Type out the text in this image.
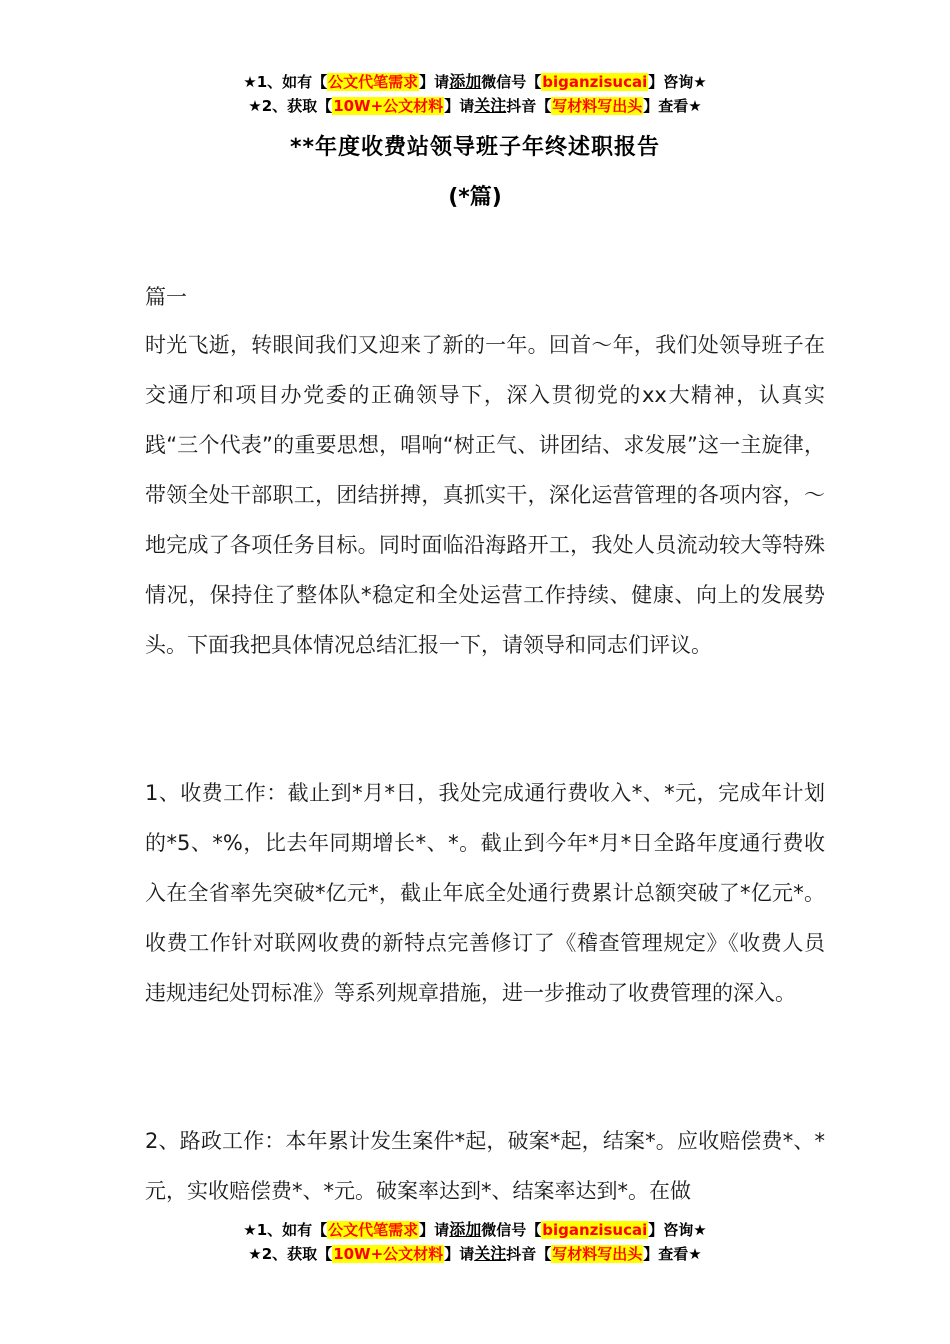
★1、如有【公文代笔需求】请添加微信号【biganzisucai】咨询★
★2、获取【10W+公文材料】请关注抖音【写材料写出头】查看★
**年度收费站领导班子年终述职报告
(*篇)

篇一

时光飞逝，转眼间我们又迎来了新的一年。回首～年，我们处领导班子在交通厅和项目办党委的正确领导下，深入贯彻党的xx大精神，认真实践“三个代表”的重要思想，唱响“树正气、讲团结、求发展”这一主旋律，带领全处干部职工，团结拼搏，真抓实干，深化运营管理的各项内容，～地完成了各项任务目标。同时面临沿海路开工，我处人员流动较大等特殊情况，保持住了整体队*稳定和全处运营工作持续、健康、向上的发展势头。下面我把具体情况总结汇报一下，请领导和同志们评议。

1、收费工作：截止到*月*日，我处完成通行费收入*、*元，完成年计划的*5、*%，比去年同期增长*、*。截止到今年*月*日全路年度通行费收入在全省率先突破*亿元*，截止年底全处通行费累计总额突破了*亿元*。收费工作针对联网收费的新特点完善修订了《稽查管理规定》《收费人员违规违纪处罚标准》等系列规章措施，进一步推动了收费管理的深入。

2、路政工作：本年累计发生案件*起，破案*起，结案*。应收赔偿费*、*元，实收赔偿费*、*元。破案率达到*、结案率达到*。在做

★1、如有【公文代笔需求】请添加微信号【biganzisucai】咨询★
★2、获取【10W+公文材料】请关注抖音【写材料写出头】查看★
